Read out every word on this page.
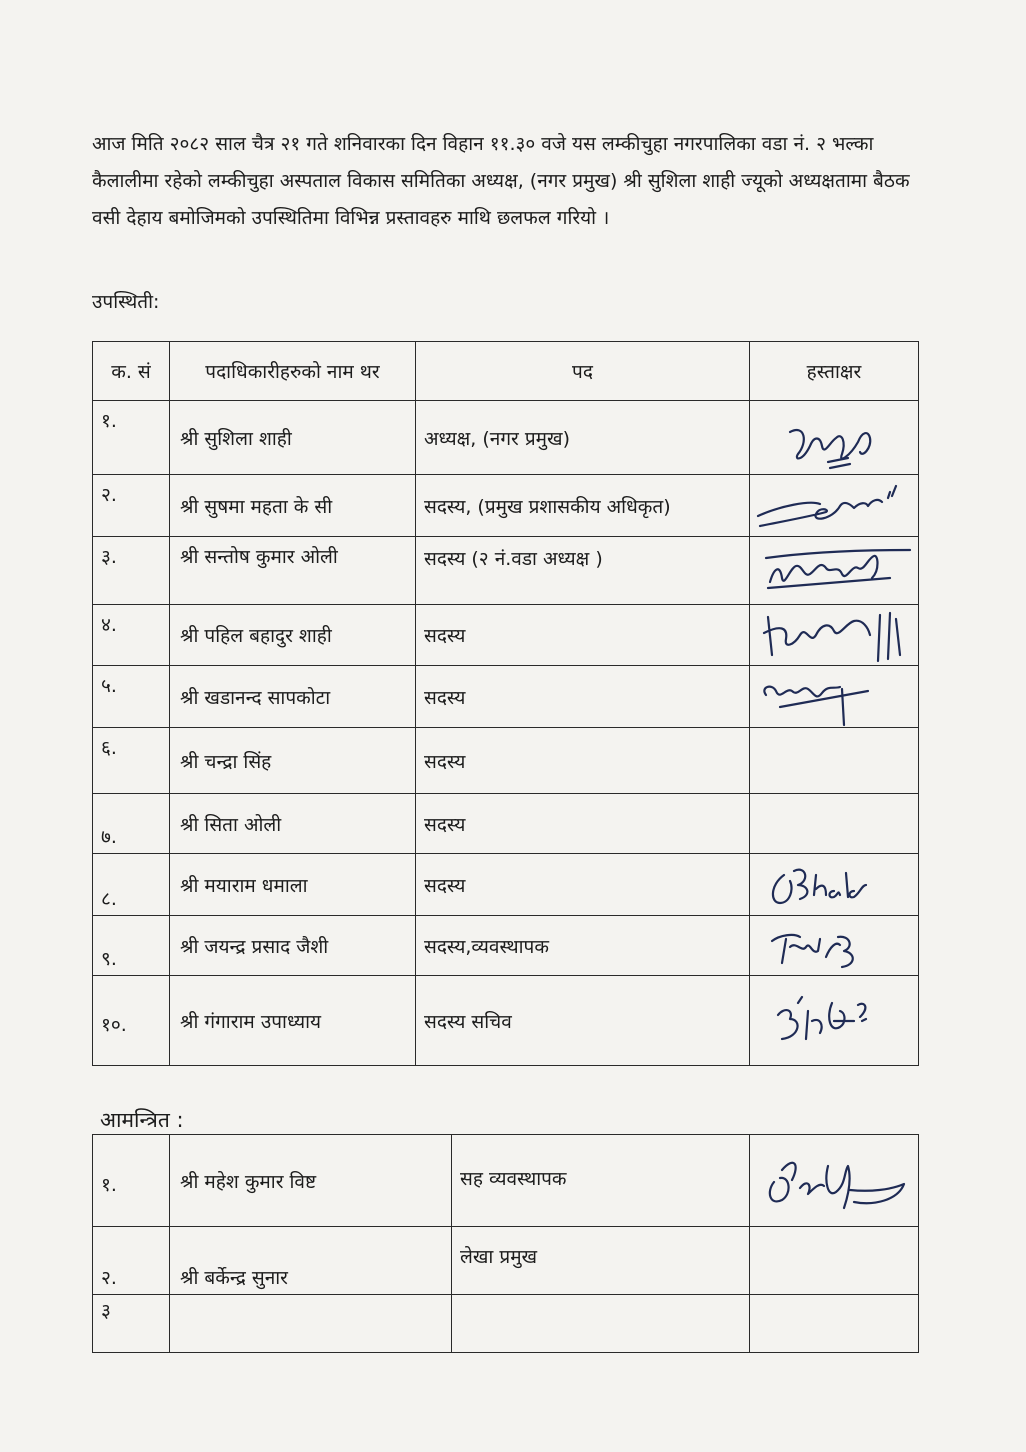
आज मिति २०८२ साल चैत्र २१ गते शनिवारका दिन विहान ११.३० वजे यस लम्कीचुहा नगरपालिका वडा नं. २ भल्का कैलालीमा रहेको लम्कीचुहा अस्पताल विकास समितिका अध्यक्ष, (नगर प्रमुख) श्री सुशिला शाही ज्यूको अध्यक्षतामा बैठक वसी देहाय बमोजिमको उपस्थितिमा विभिन्न प्रस्तावहरु माथि छलफल गरियो ।

उपस्थिती:

क. सं	पदाधिकारीहरुको नाम थर	पद	हस्ताक्षर
१.	श्री सुशिला शाही	अध्यक्ष, (नगर प्रमुख)	

२.	श्री सुषमा महता के सी	सदस्य, (प्रमुख प्रशासकीय अधिकृत)	

३.	श्री सन्तोष कुमार ओली	सदस्य (२ नं.वडा अध्यक्ष )	

४.	श्री पहिल बहादुर शाही	सदस्य	

५.	श्री खडानन्द सापकोटा	सदस्य	

६.	श्री चन्द्रा सिंह	सदस्य	
७.	श्री सिता ओली	सदस्य	
८.	श्री मयाराम धमाला	सदस्य	

९.	श्री जयन्द्र प्रसाद जैशी	सदस्य,व्यवस्थापक	

१०.	श्री गंगाराम उपाध्याय	सदस्य सचिव	

आमन्त्रित :

१.	श्री महेश कुमार विष्ट	सह व्यवस्थापक	

२.	श्री बर्केन्द्र सुनार	लेखा प्रमुख	
३			
